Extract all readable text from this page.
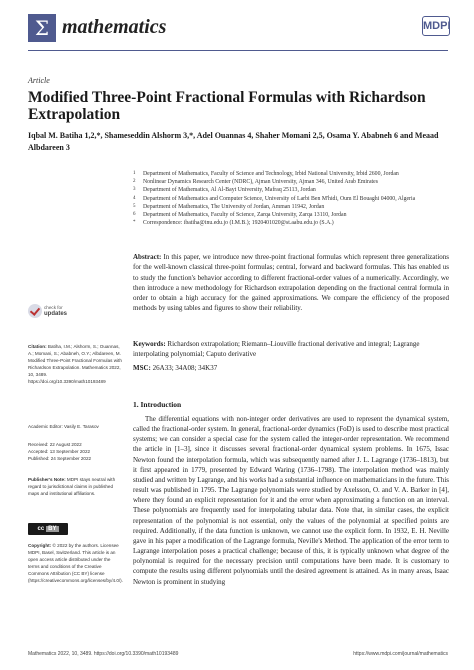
Σ mathematics	MDPI
Article
Modified Three-Point Fractional Formulas with Richardson Extrapolation
Iqbal M. Batiha 1,2,*, Shameseddin Alshorm 3,*, Adel Ouannas 4, Shaher Momani 2,5, Osama Y. Ababneh 6 and Meaad Albdareen 3
1	Department of Mathematics, Faculty of Science and Technology, Irbid National University, Irbid 2600, Jordan
2	Nonlinear Dynamics Research Center (NDRC), Ajman University, Ajman 346, United Arab Emirates
3	Department of Mathematics, Al Al-Bayt University, Mafraq 25113, Jordan
4	Department of Mathematics and Computer Science, University of Larbi Ben M'hidi, Oum El Bouaghi 04000, Algeria
5	Department of Mathematics, The University of Jordan, Amman 11942, Jordan
6	Department of Mathematics, Faculty of Science, Zarqa University, Zarqa 13110, Jordan
*	Correspondence: ibatiha@inu.edu.jo (I.M.B.); 1920401020@st.aabu.edu.jo (S.A.)
Abstract: In this paper, we introduce new three-point fractional formulas which represent three generalizations for the well-known classical three-point formulas; central, forward and backward formulas. This has enabled us to study the function's behavior according to different fractional-order values of a numerically. Accordingly, we then introduce a new methodology for Richardson extrapolation depending on the fractional central formula in order to obtain a high accuracy for the gained approximations. We compare the efficiency of the proposed methods by using tables and figures to show their reliability.
Keywords: Richardson extrapolation; Riemann–Liouville fractional derivative and integral; Lagrange interpolating polynomial; Caputo derivative
MSC: 26A33; 34A08; 34K37
1. Introduction
The differential equations with non-integer order derivatives are used to represent the dynamical system, called the fractional-order system. In general, fractional-order dynamics (FoD) is used to describe most practical systems; we can consider a special case for the system called the integer-order representation. We recommend the article in [1–3], since it discusses several fractional-order dynamical system problems. In 1675, Issac Newton found the interpolation formula, which was subsequently named after J. L. Lagrange (1736–1813), but it first appeared in 1779, presented by Edward Waring (1736–1798). The interpolation method was mainly studied and written by Lagrange, and his works had a substantial influence on mathematicians in the future. This result was published in 1795. The Lagrange polynomials were studied by Axelsson, O. and V. A. Barker in [4], where they found an explicit representation for it and the error when approximating a function on an interval. These polynomials are frequently used for interpolating tabular data. Note that, in similar cases, the explicit representation of the polynomial is not essential, only the values of the polynomial at specified points are required. Additionally, if the data function is unknown, we cannot use the explicit form. In 1932, E. H. Neville gave in his paper a modification of the Lagrange formula, Neville's Method. The application of the error term to Lagrange interpolation poses a practical challenge; because of this, it is typically unknown what degree of the polynomial is required for the necessary precision until computations have been made. It is customary to compute the results using different polynomials until the desired agreement is attained. As in many areas, Isaac Newton is prominent in studying
check for
updates
Citation: Batiha, I.M.; Alshorm, S.; Ouannas, A.; Momani, S.; Ababneh, O.Y.; Albdareen, M. Modified Three-Point Fractional Formulas with Richardson Extrapolation. Mathematics 2022, 10, 3489. https://doi.org/10.3390/math10193489
Academic Editor: Vasily E. Tarasov
Received: 22 August 2022
Accepted: 13 September 2022
Published: 24 September 2022
Publisher's Note: MDPI stays neutral with regard to jurisdictional claims in published maps and institutional affiliations.
cc BY
Copyright: © 2022 by the authors. Licensee MDPI, Basel, Switzerland. This article is an open access article distributed under the terms and conditions of the Creative Commons Attribution (CC BY) license (https://creativecommons.org/licenses/by/4.0/).
Mathematics 2022, 10, 3489. https://doi.org/10.3390/math10193489	https://www.mdpi.com/journal/mathematics
